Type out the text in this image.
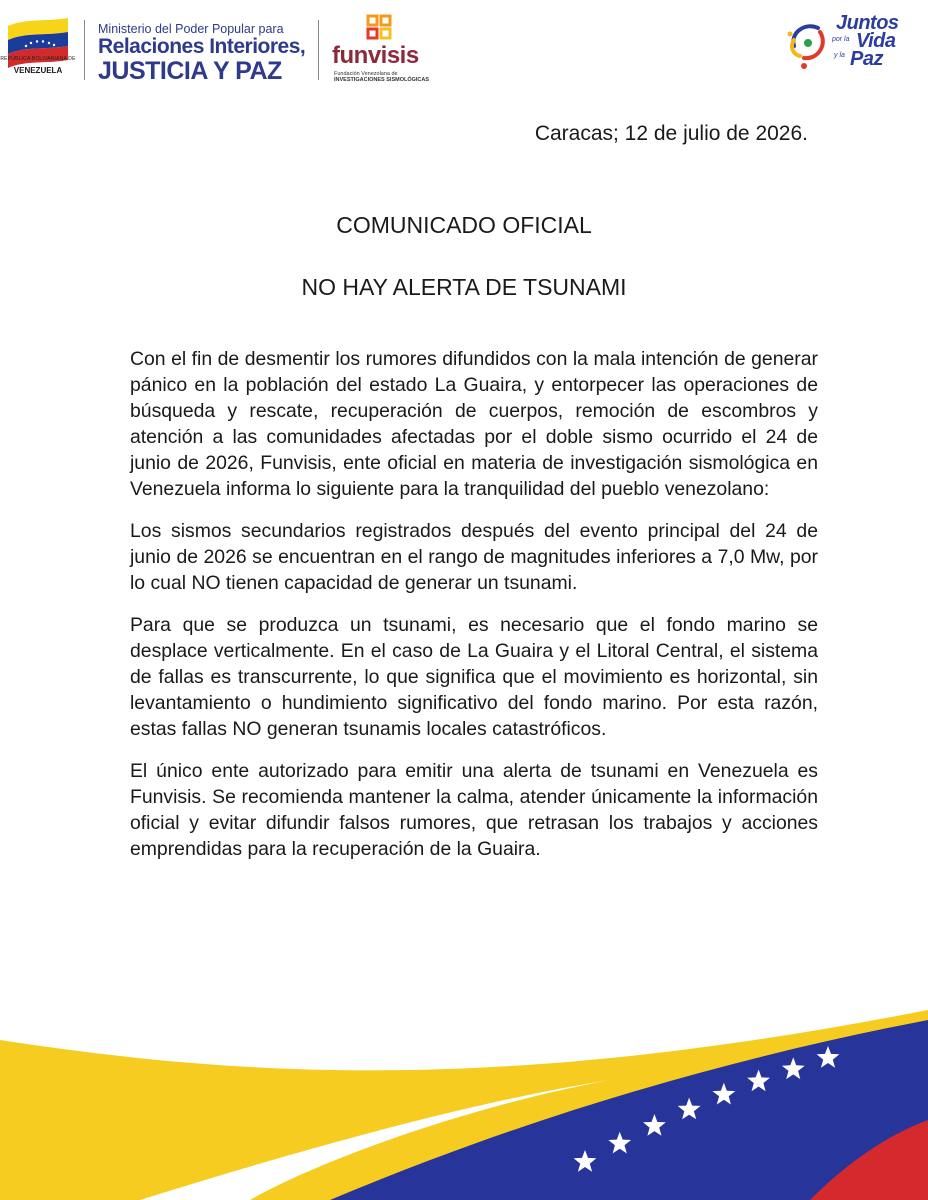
REPÚBLICA BOLIVARIANA DE
VENEZUELA
Ministerio del Poder Popular para
Relaciones Interiores,
JUSTICIA Y PAZ
funvisis
Fundación Venezolana de
INVESTIGACIONES SISMOLÓGICAS
Juntos
por la Vida
y la Paz
Caracas; 12 de julio de 2026.
COMUNICADO OFICIAL
NO HAY ALERTA DE TSUNAMI

Con el fin de desmentir los rumores difundidos con la mala intención de generar pánico en la población del estado La Guaira, y entorpecer las operaciones de búsqueda y rescate, recuperación de cuerpos, remoción de escombros y atención a las comunidades afectadas por el doble sismo ocurrido el 24 de junio de 2026, Funvisis, ente oficial en materia de investigación sismológica en Venezuela informa lo siguiente para la tranquilidad del pueblo venezolano:

Los sismos secundarios registrados después del evento principal del 24 de junio de 2026 se encuentran en el rango de magnitudes inferiores a 7,0 Mw, por lo cual NO tienen capacidad de generar un tsunami.

Para que se produzca un tsunami, es necesario que el fondo marino se desplace verticalmente. En el caso de La Guaira y el Litoral Central, el sistema de fallas es transcurrente, lo que significa que el movimiento es horizontal, sin levantamiento o hundimiento significativo del fondo marino. Por esta razón, estas fallas NO generan tsunamis locales catastróficos.

El único ente autorizado para emitir una alerta de tsunami en Venezuela es Funvisis. Se recomienda mantener la calma, atender únicamente la información oficial y evitar difundir falsos rumores, que retrasan los trabajos y acciones emprendidas para la recuperación de la Guaira.
